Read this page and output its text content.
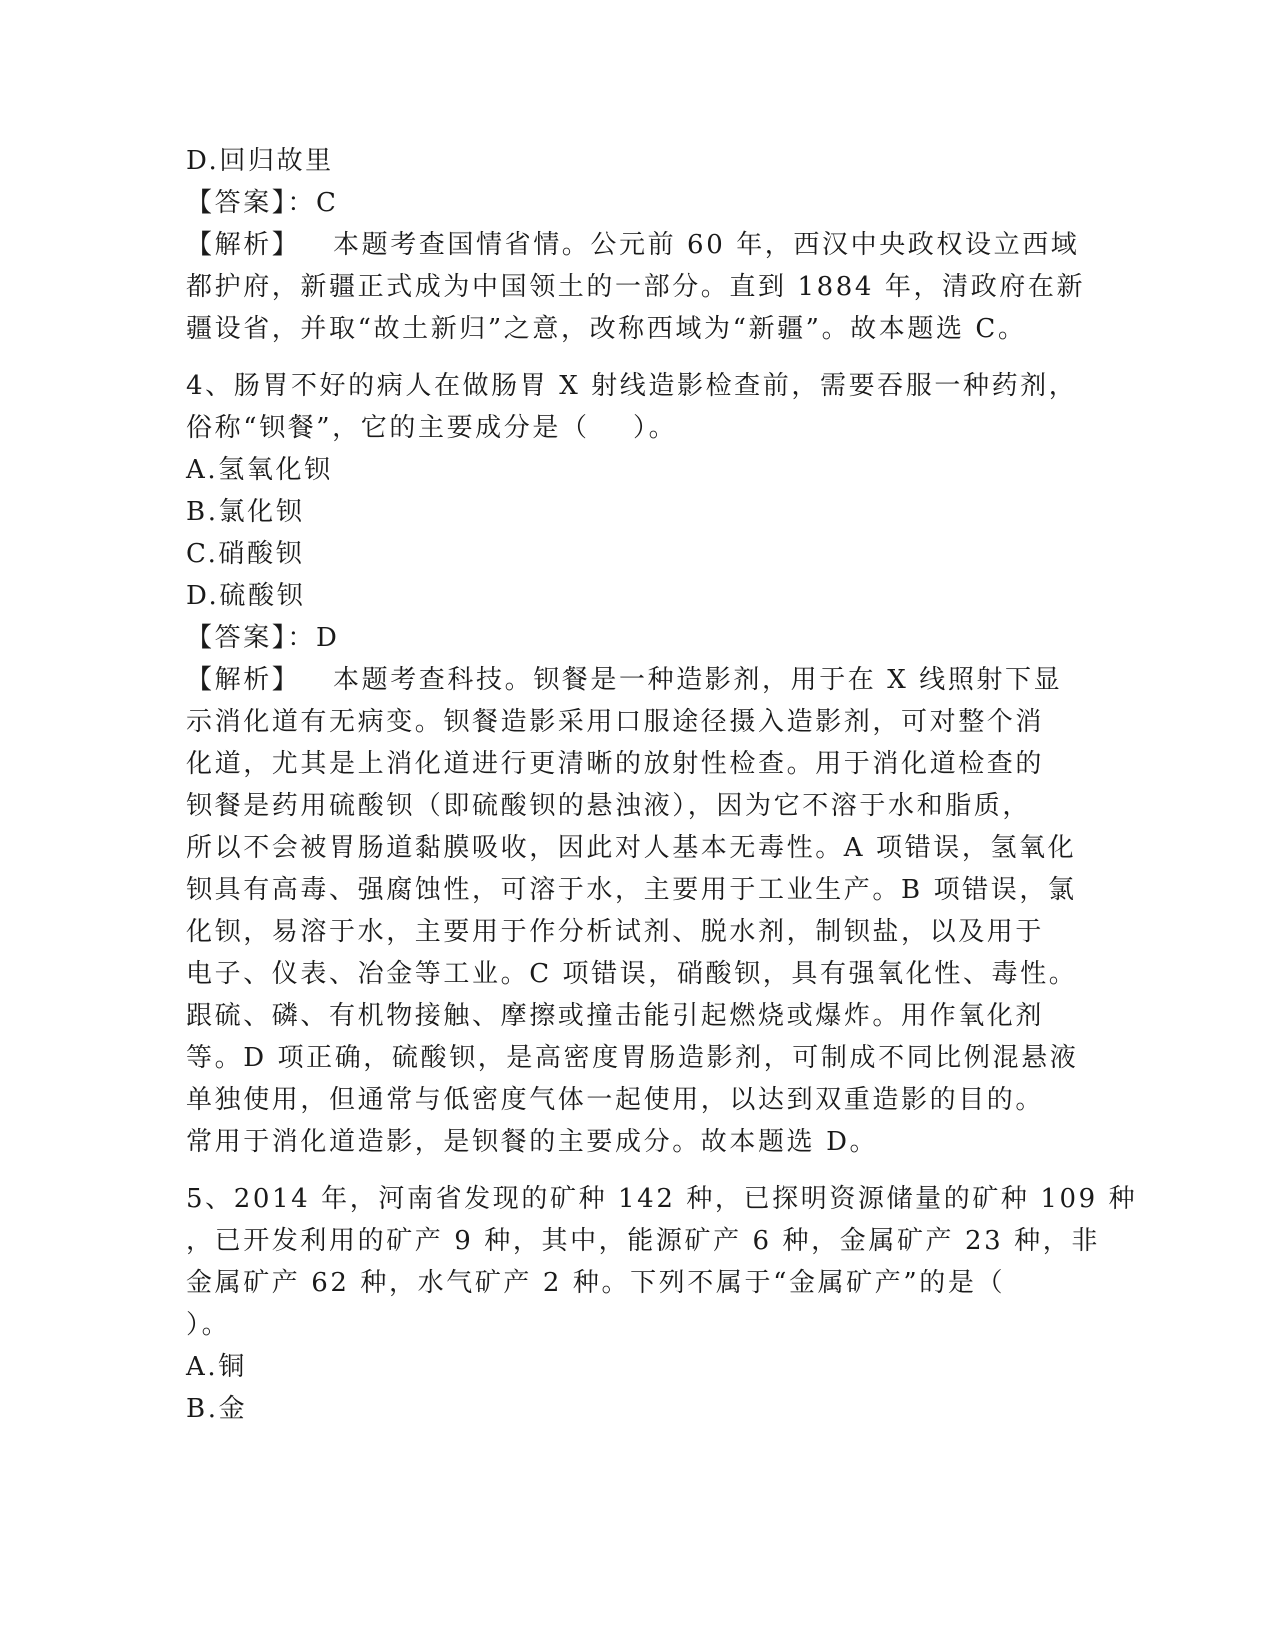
D.回归故里
【答案】：C
【解析】   本题考查国情省情。公元前 60 年，西汉中央政权设立西域
都护府，新疆正式成为中国领土的一部分。直到 1884 年，清政府在新
疆设省，并取“故土新归”之意，改称西域为“新疆”。故本题选 C。
4、肠胃不好的病人在做肠胃 X 射线造影检查前，需要吞服一种药剂，
俗称“钡餐”，它的主要成分是（    ）。
A.氢氧化钡
B.氯化钡
C.硝酸钡
D.硫酸钡
【答案】：D
【解析】   本题考查科技。钡餐是一种造影剂，用于在 X 线照射下显
示消化道有无病变。钡餐造影采用口服途径摄入造影剂，可对整个消
化道，尤其是上消化道进行更清晰的放射性检查。用于消化道检查的
钡餐是药用硫酸钡（即硫酸钡的悬浊液），因为它不溶于水和脂质，
所以不会被胃肠道黏膜吸收，因此对人基本无毒性。A 项错误，氢氧化
钡具有高毒、强腐蚀性，可溶于水，主要用于工业生产。B 项错误，氯
化钡，易溶于水，主要用于作分析试剂、脱水剂，制钡盐，以及用于
电子、仪表、冶金等工业。C 项错误，硝酸钡，具有强氧化性、毒性。
跟硫、磷、有机物接触、摩擦或撞击能引起燃烧或爆炸。用作氧化剂
等。D 项正确，硫酸钡，是高密度胃肠造影剂，可制成不同比例混悬液
单独使用，但通常与低密度气体一起使用，以达到双重造影的目的。
常用于消化道造影，是钡餐的主要成分。故本题选 D。
5、2014 年，河南省发现的矿种 142 种，已探明资源储量的矿种 109 种
，已开发利用的矿产 9 种，其中，能源矿产 6 种，金属矿产 23 种，非
金属矿产 62 种，水气矿产 2 种。下列不属于“金属矿产”的是（
）。
A.铜
B.金
